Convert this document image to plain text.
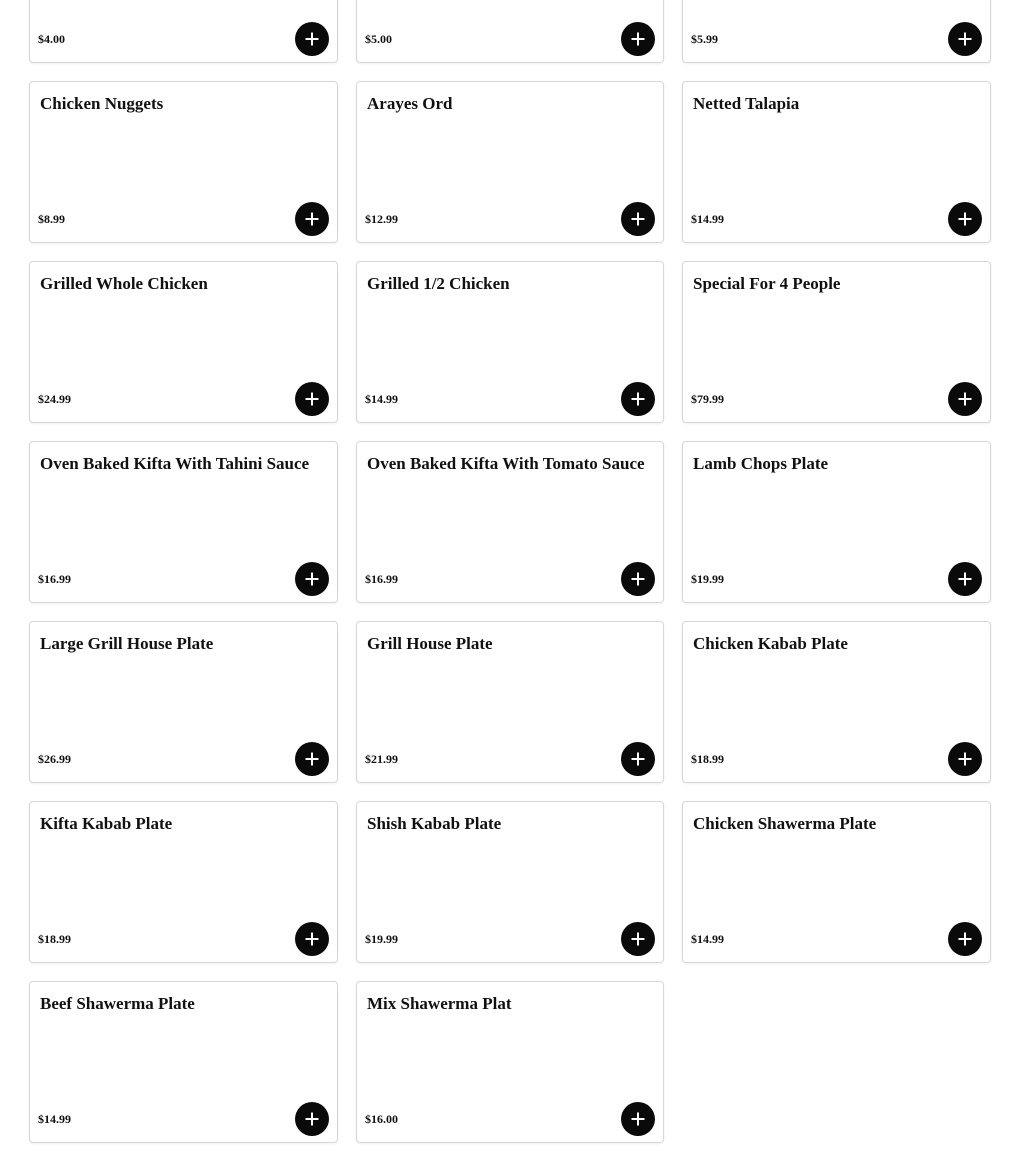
$4.00	$5.00	$5.99
Chicken Nuggets
$8.99
Arayes Ord
$12.99
Netted Talapia
$14.99
Grilled Whole Chicken
$24.99
Grilled 1/2 Chicken
$14.99
Special For 4 People
$79.99
Oven Baked Kifta With Tahini Sauce
$16.99
Oven Baked Kifta With Tomato Sauce
$16.99
Lamb Chops Plate
$19.99
Large Grill House Plate
$26.99
Grill House Plate
$21.99
Chicken Kabab Plate
$18.99
Kifta Kabab Plate
$18.99
Shish Kabab Plate
$19.99
Chicken Shawerma Plate
$14.99
Beef Shawerma Plate
$14.99
Mix Shawerma Plat
$16.00
